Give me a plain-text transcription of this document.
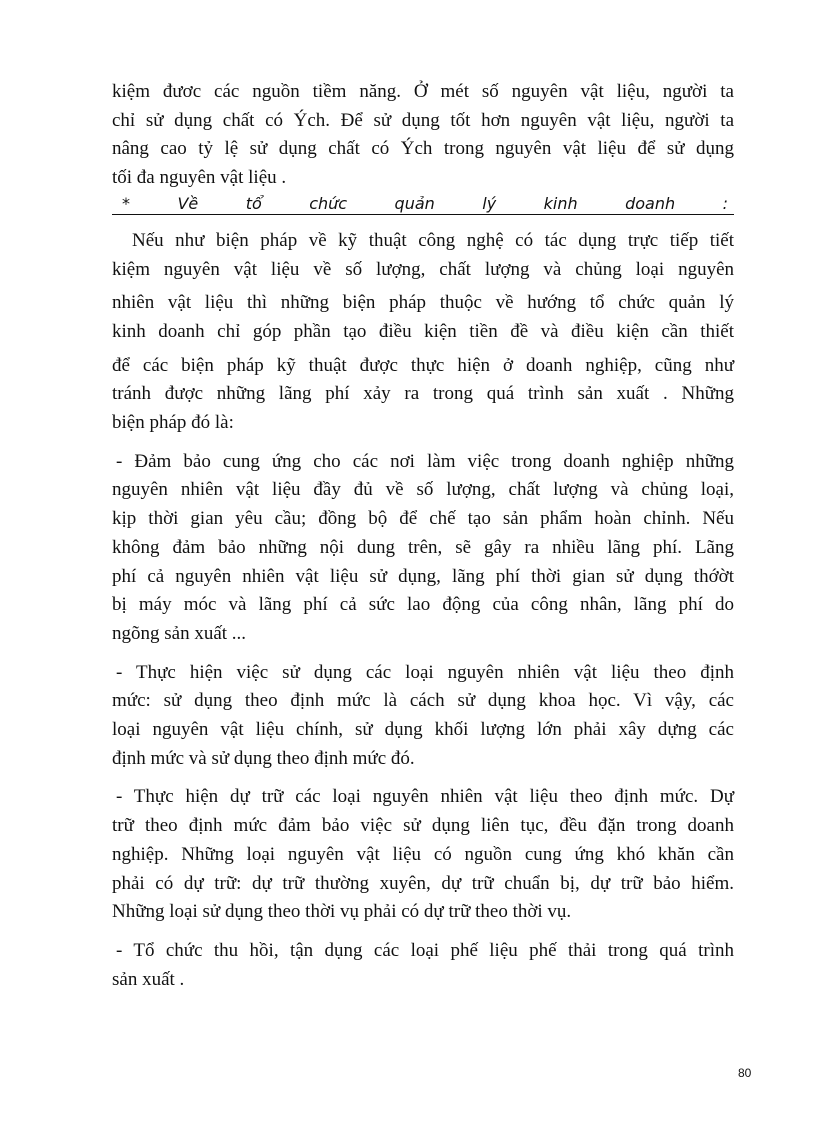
kiệm đươc các nguồn tiềm năng. Ở mét số nguyên vật liệu, người ta
chỉ sử dụng chất có Ých. Để sử dụng tốt hơn nguyên vật liệu, người ta
nâng cao tỷ lệ sử dụng chất có Ých trong nguyên vật liệu để sử dụng
tối đa nguyên vật liệu .

*	Về	tổ	chức	quản	lý	kinh	doanh	:

Nếu như biện pháp về kỹ thuật công nghệ có tác dụng trực tiếp tiết
kiệm nguyên vật liệu về số lượng, chất lượng và chủng loại nguyên
nhiên vật liệu thì những biện pháp thuộc về hướng tổ chức quản lý
kinh doanh chỉ góp phần tạo điều kiện tiền đề và điều kiện cần thiết
để các biện pháp kỹ thuật được thực hiện ở doanh nghiệp, cũng như
tránh được những lãng phí xảy ra trong quá trình sản xuất . Những
biện pháp đó là:

- Đảm bảo cung ứng cho các nơi làm việc trong doanh nghiệp những
nguyên nhiên vật liệu đầy đủ về số lượng, chất lượng và chủng loại,
kịp thời gian yêu cầu; đồng bộ để chế tạo sản phẩm hoàn chỉnh. Nếu
không đảm bảo những nội dung trên, sẽ gây ra nhiều lãng phí. Lãng
phí cả nguyên nhiên vật liệu sử dụng, lãng phí thời gian sử dụng thớờt
bị máy móc và lãng phí cả sức lao động của công nhân, lãng phí do
ngõng sản xuất ...

- Thực hiện việc sử dụng các loại nguyên nhiên vật liệu theo định
mức: sử dụng theo định mức là cách sử dụng khoa học. Vì vậy, các
loại nguyên vật liệu chính, sử dụng khối lượng lớn phải xây dựng các
định mức và sử dụng theo định mức đó.

- Thực hiện dự trữ các loại nguyên nhiên vật liệu theo định mức. Dự
trữ theo định mức đảm bảo việc sử dụng liên tục, đều đặn trong doanh
nghiệp. Những loại nguyên vật liệu có nguồn cung ứng khó khăn cần
phải có dự trữ: dự trữ thường xuyên, dự trữ chuẩn bị, dự trữ bảo hiểm.
Những loại sử dụng theo thời vụ phải có dự trữ theo thời vụ.

- Tổ chức thu hồi, tận dụng các loại phế liệu phế thải trong quá trình
sản xuất .

80
